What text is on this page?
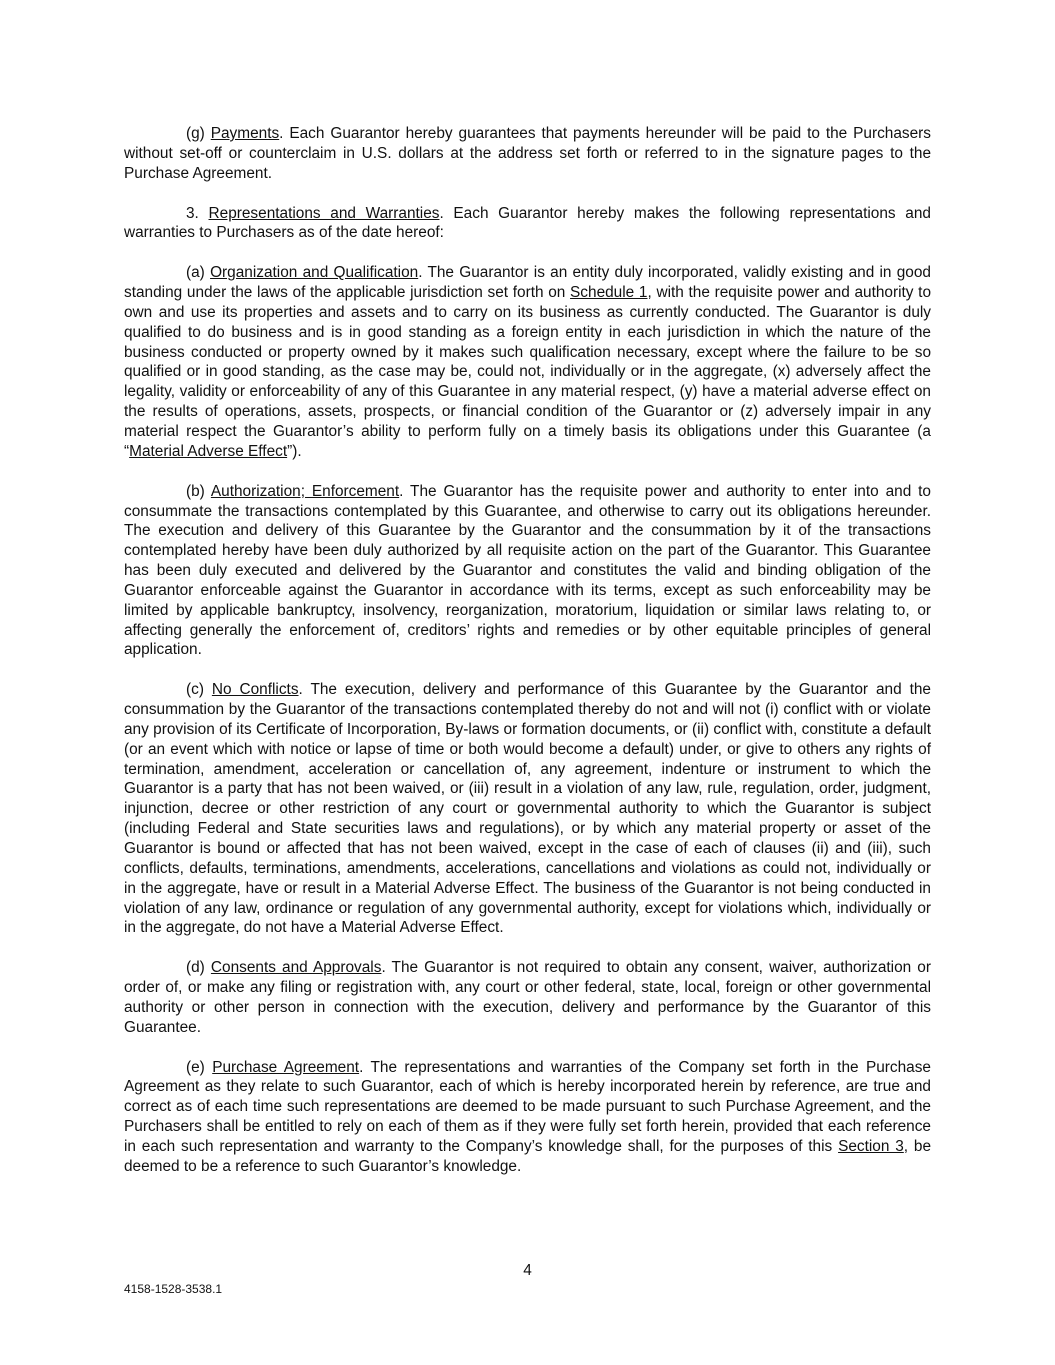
(g) Payments. Each Guarantor hereby guarantees that payments hereunder will be paid to the Purchasers without set-off or counterclaim in U.S. dollars at the address set forth or referred to in the signature pages to the Purchase Agreement.

3. Representations and Warranties. Each Guarantor hereby makes the following representations and warranties to Purchasers as of the date hereof:

(a) Organization and Qualification. The Guarantor is an entity duly incorporated, validly existing and in good standing under the laws of the applicable jurisdiction set forth on Schedule 1, with the requisite power and authority to own and use its properties and assets and to carry on its business as currently conducted. The Guarantor is duly qualified to do business and is in good standing as a foreign entity in each jurisdiction in which the nature of the business conducted or property owned by it makes such qualification necessary, except where the failure to be so qualified or in good standing, as the case may be, could not, individually or in the aggregate, (x) adversely affect the legality, validity or enforceability of any of this Guarantee in any material respect, (y) have a material adverse effect on the results of operations, assets, prospects, or financial condition of the Guarantor or (z) adversely impair in any material respect the Guarantor’s ability to perform fully on a timely basis its obligations under this Guarantee (a “Material Adverse Effect”).

(b) Authorization; Enforcement. The Guarantor has the requisite power and authority to enter into and to consummate the transactions contemplated by this Guarantee, and otherwise to carry out its obligations hereunder. The execution and delivery of this Guarantee by the Guarantor and the consummation by it of the transactions contemplated hereby have been duly authorized by all requisite action on the part of the Guarantor. This Guarantee has been duly executed and delivered by the Guarantor and constitutes the valid and binding obligation of the Guarantor enforceable against the Guarantor in accordance with its terms, except as such enforceability may be limited by applicable bankruptcy, insolvency, reorganization, moratorium, liquidation or similar laws relating to, or affecting generally the enforcement of, creditors’ rights and remedies or by other equitable principles of general application.

(c) No Conflicts. The execution, delivery and performance of this Guarantee by the Guarantor and the consummation by the Guarantor of the transactions contemplated thereby do not and will not (i) conflict with or violate any provision of its Certificate of Incorporation, By-laws or formation documents, or (ii) conflict with, constitute a default (or an event which with notice or lapse of time or both would become a default) under, or give to others any rights of termination, amendment, acceleration or cancellation of, any agreement, indenture or instrument to which the Guarantor is a party that has not been waived, or (iii) result in a violation of any law, rule, regulation, order, judgment, injunction, decree or other restriction of any court or governmental authority to which the Guarantor is subject (including Federal and State securities laws and regulations), or by which any material property or asset of the Guarantor is bound or affected that has not been waived, except in the case of each of clauses (ii) and (iii), such conflicts, defaults, terminations, amendments, accelerations, cancellations and violations as could not, individually or in the aggregate, have or result in a Material Adverse Effect. The business of the Guarantor is not being conducted in violation of any law, ordinance or regulation of any governmental authority, except for violations which, individually or in the aggregate, do not have a Material Adverse Effect.

(d) Consents and Approvals. The Guarantor is not required to obtain any consent, waiver, authorization or order of, or make any filing or registration with, any court or other federal, state, local, foreign or other governmental authority or other person in connection with the execution, delivery and performance by the Guarantor of this Guarantee.

(e) Purchase Agreement. The representations and warranties of the Company set forth in the Purchase Agreement as they relate to such Guarantor, each of which is hereby incorporated herein by reference, are true and correct as of each time such representations are deemed to be made pursuant to such Purchase Agreement, and the Purchasers shall be entitled to rely on each of them as if they were fully set forth herein, provided that each reference in each such representation and warranty to the Company’s knowledge shall, for the purposes of this Section 3, be deemed to be a reference to such Guarantor’s knowledge.

4
4158-1528-3538.1
